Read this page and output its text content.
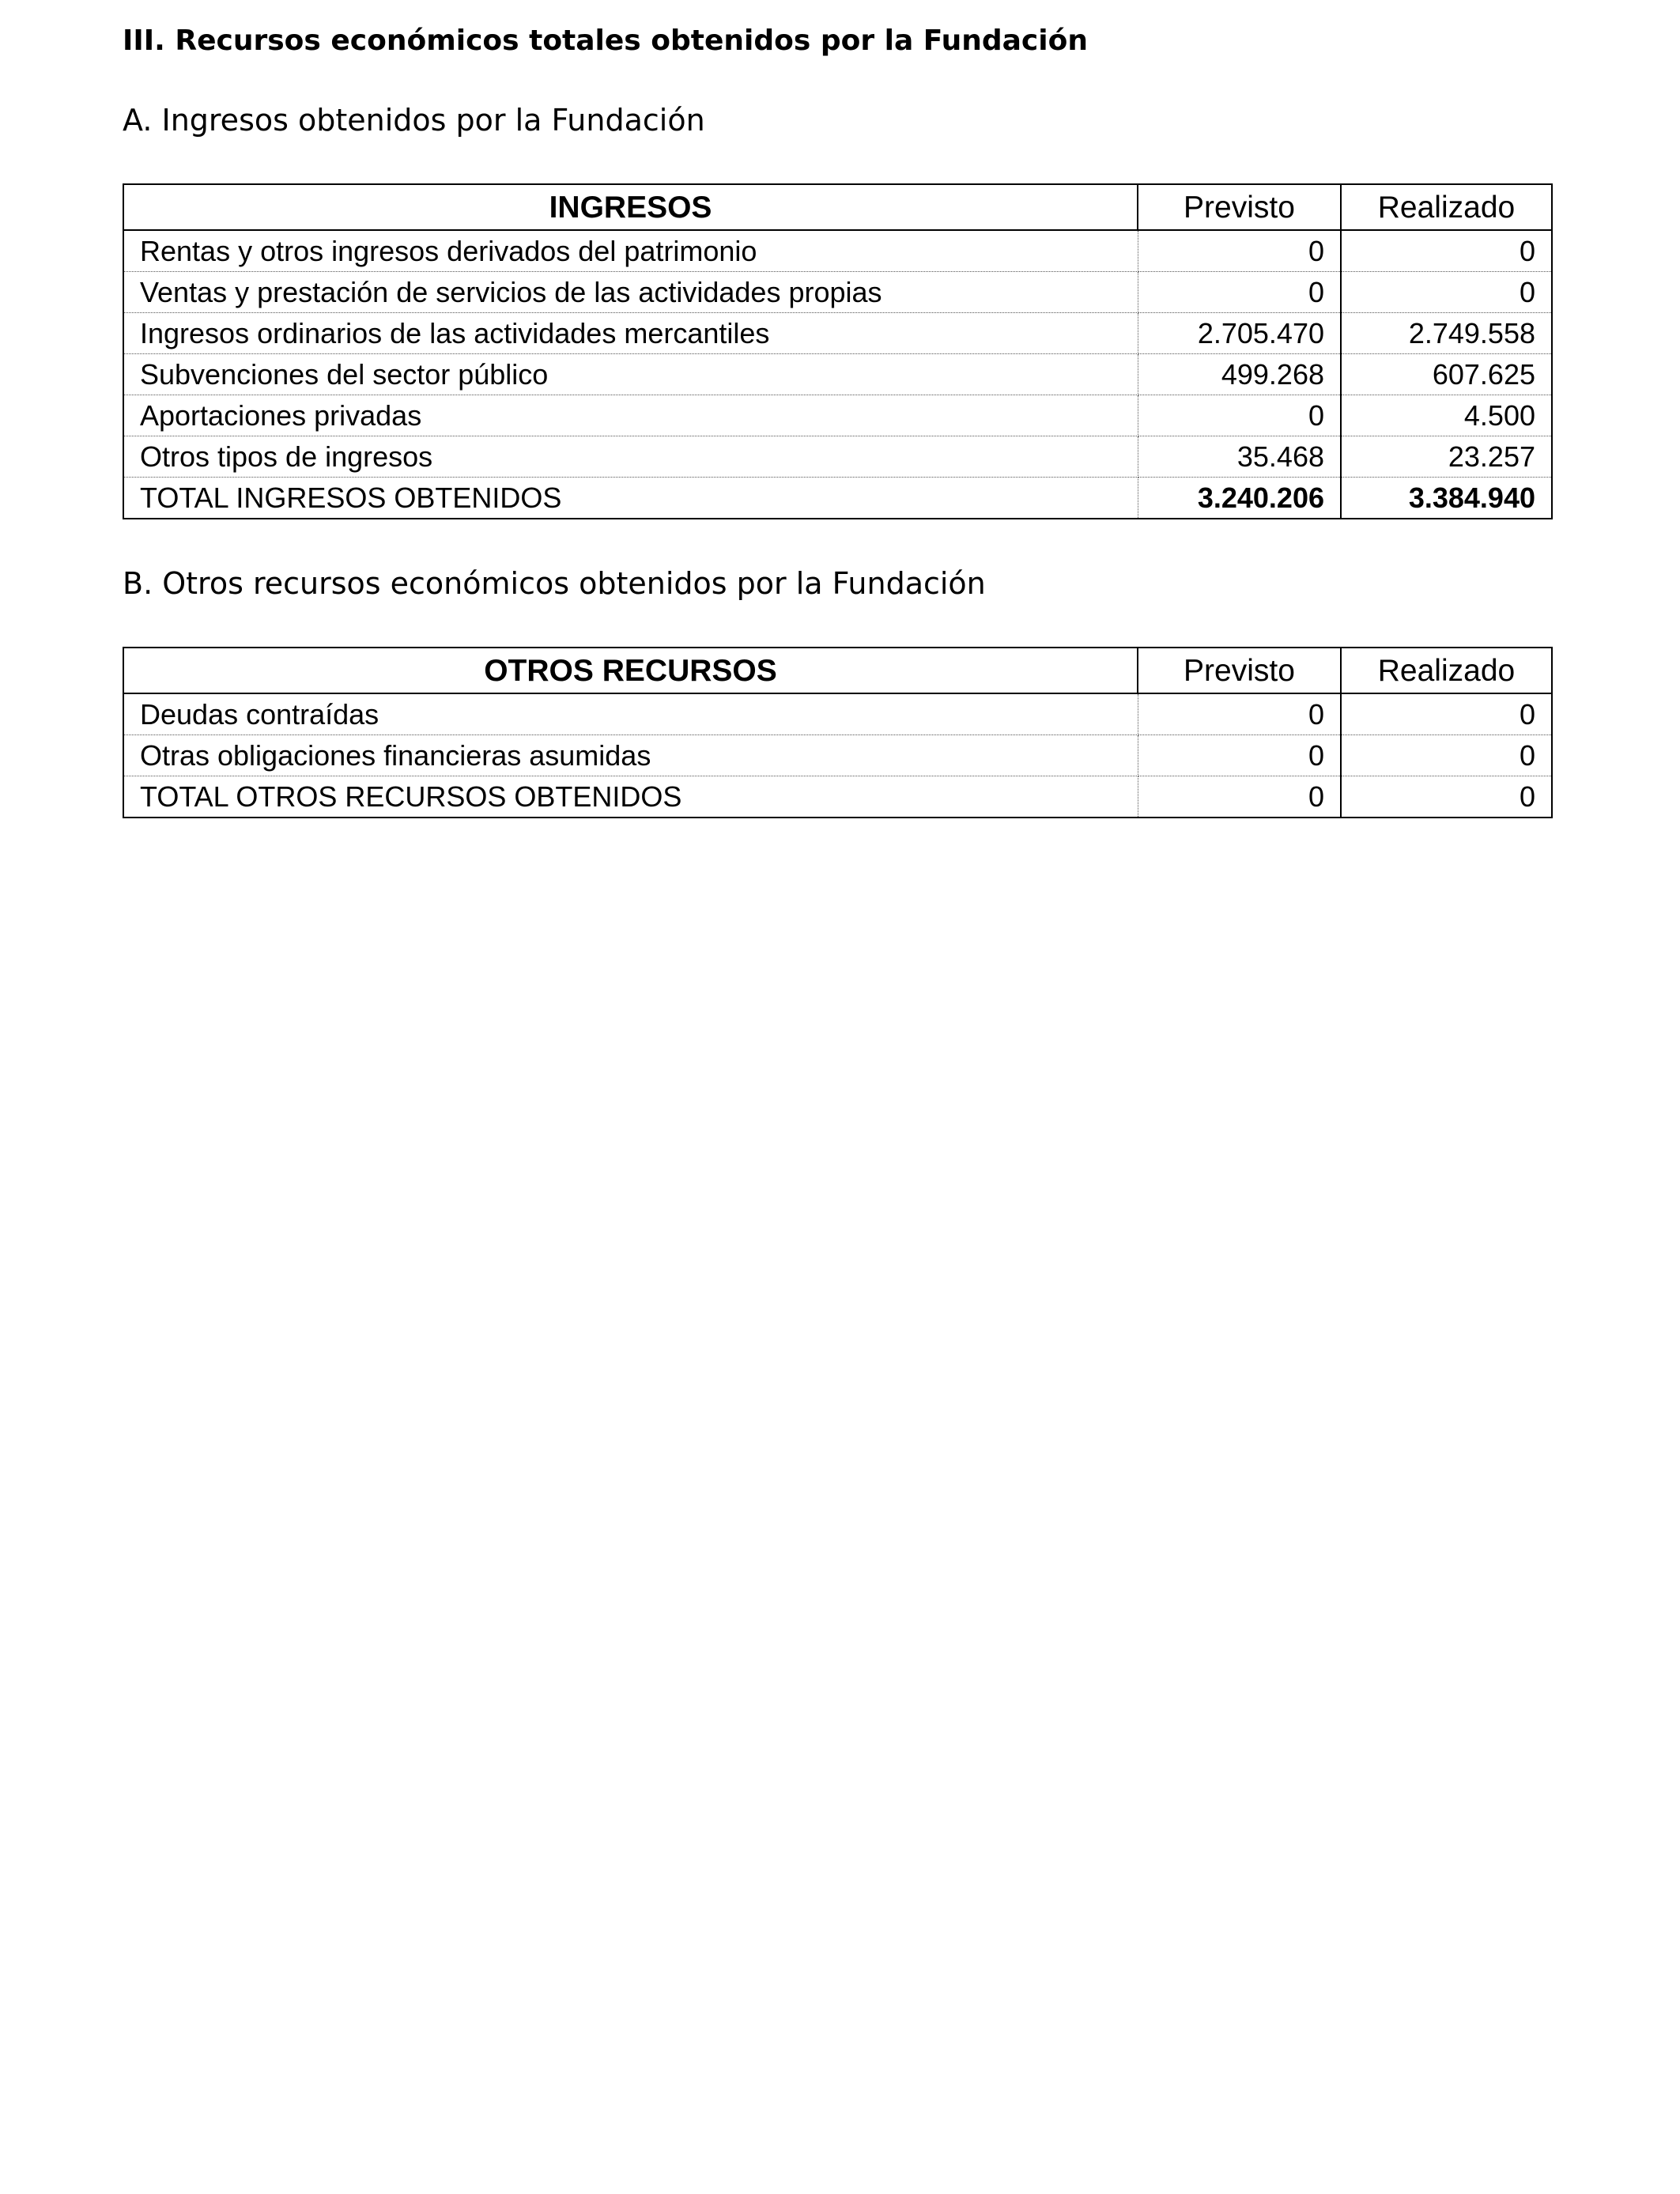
III. Recursos económicos totales obtenidos por la Fundación
A. Ingresos obtenidos por la Fundación
INGRESOS	Previsto	Realizado
Rentas y otros ingresos derivados del patrimonio	0	0
Ventas y prestación de servicios de las actividades propias	0	0
Ingresos ordinarios de las actividades mercantiles	2.705.470	2.749.558
Subvenciones del sector público	499.268	607.625
Aportaciones privadas	0	4.500
Otros tipos de ingresos	35.468	23.257
TOTAL INGRESOS OBTENIDOS	3.240.206	3.384.940
B. Otros recursos económicos obtenidos por la Fundación
OTROS RECURSOS	Previsto	Realizado
Deudas contraídas	0	0
Otras obligaciones financieras asumidas	0	0
TOTAL OTROS RECURSOS OBTENIDOS	0	0
